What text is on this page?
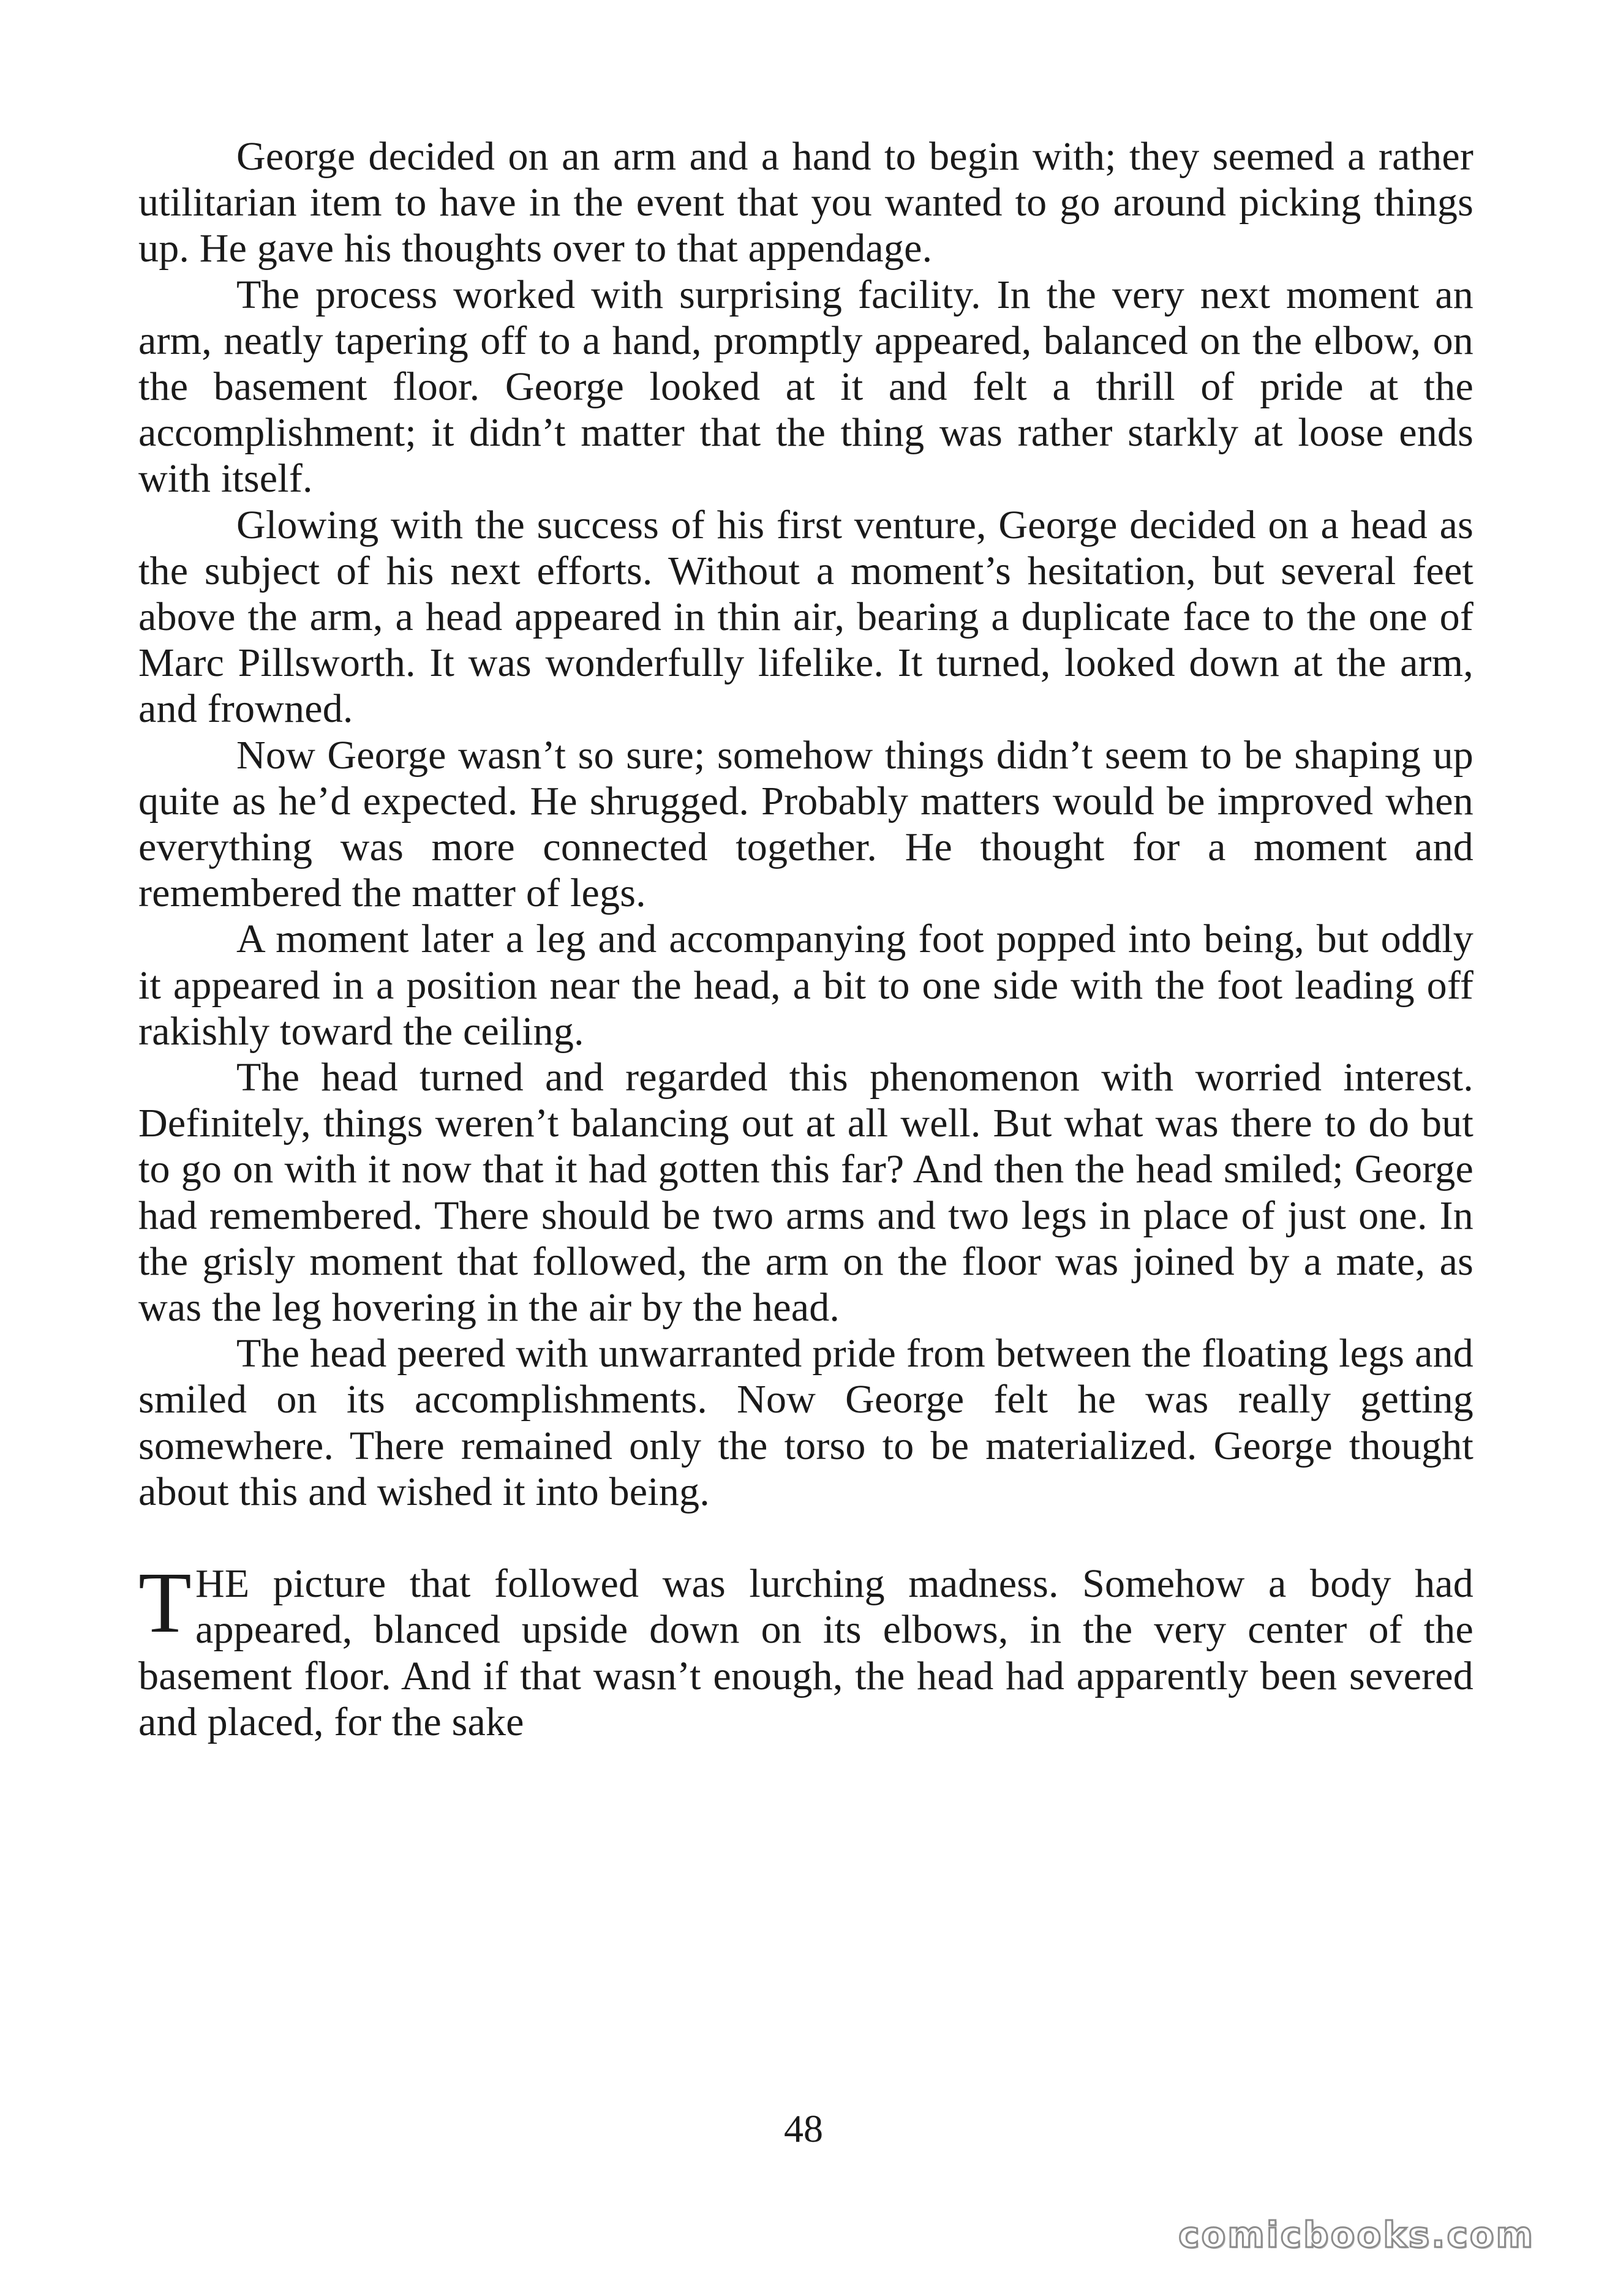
George decided on an arm and a hand to begin with; they seemed a rather utilitarian item to have in the event that you wanted to go around picking things up. He gave his thoughts over to that appendage.

The process worked with surprising facility. In the very next moment an arm, neatly tapering off to a hand, promptly appeared, balanced on the elbow, on the basement floor. George looked at it and felt a thrill of pride at the accomplishment; it didn’t matter that the thing was rather starkly at loose ends with itself.

Glowing with the success of his first venture, George decided on a head as the subject of his next efforts. Without a moment’s hesitation, but several feet above the arm, a head appeared in thin air, bearing a duplicate face to the one of Marc Pillsworth. It was wonderfully lifelike. It turned, looked down at the arm, and frowned.

Now George wasn’t so sure; somehow things didn’t seem to be shaping up quite as he’d expected. He shrugged. Probably matters would be improved when everything was more connected together. He thought for a moment and remembered the matter of legs.

A moment later a leg and accompanying foot popped into being, but oddly it appeared in a position near the head, a bit to one side with the foot leading off rakishly toward the ceiling.

The head turned and regarded this phenomenon with worried interest. Definitely, things weren’t balancing out at all well. But what was there to do but to go on with it now that it had gotten this far? And then the head smiled; George had remembered. There should be two arms and two legs in place of just one. In the grisly moment that followed, the arm on the floor was joined by a mate, as was the leg hovering in the air by the head.

The head peered with unwarranted pride from between the floating legs and smiled on its accomplishments. Now George felt he was really getting somewhere. There remained only the torso to be materialized. George thought about this and wished it into being.

THE picture that followed was lurching madness. Somehow a body had appeared, blanced upside down on its elbows, in the very center of the basement floor. And if that wasn’t enough, the head had apparently been severed and placed, for the sake

48
comicbooks.com
